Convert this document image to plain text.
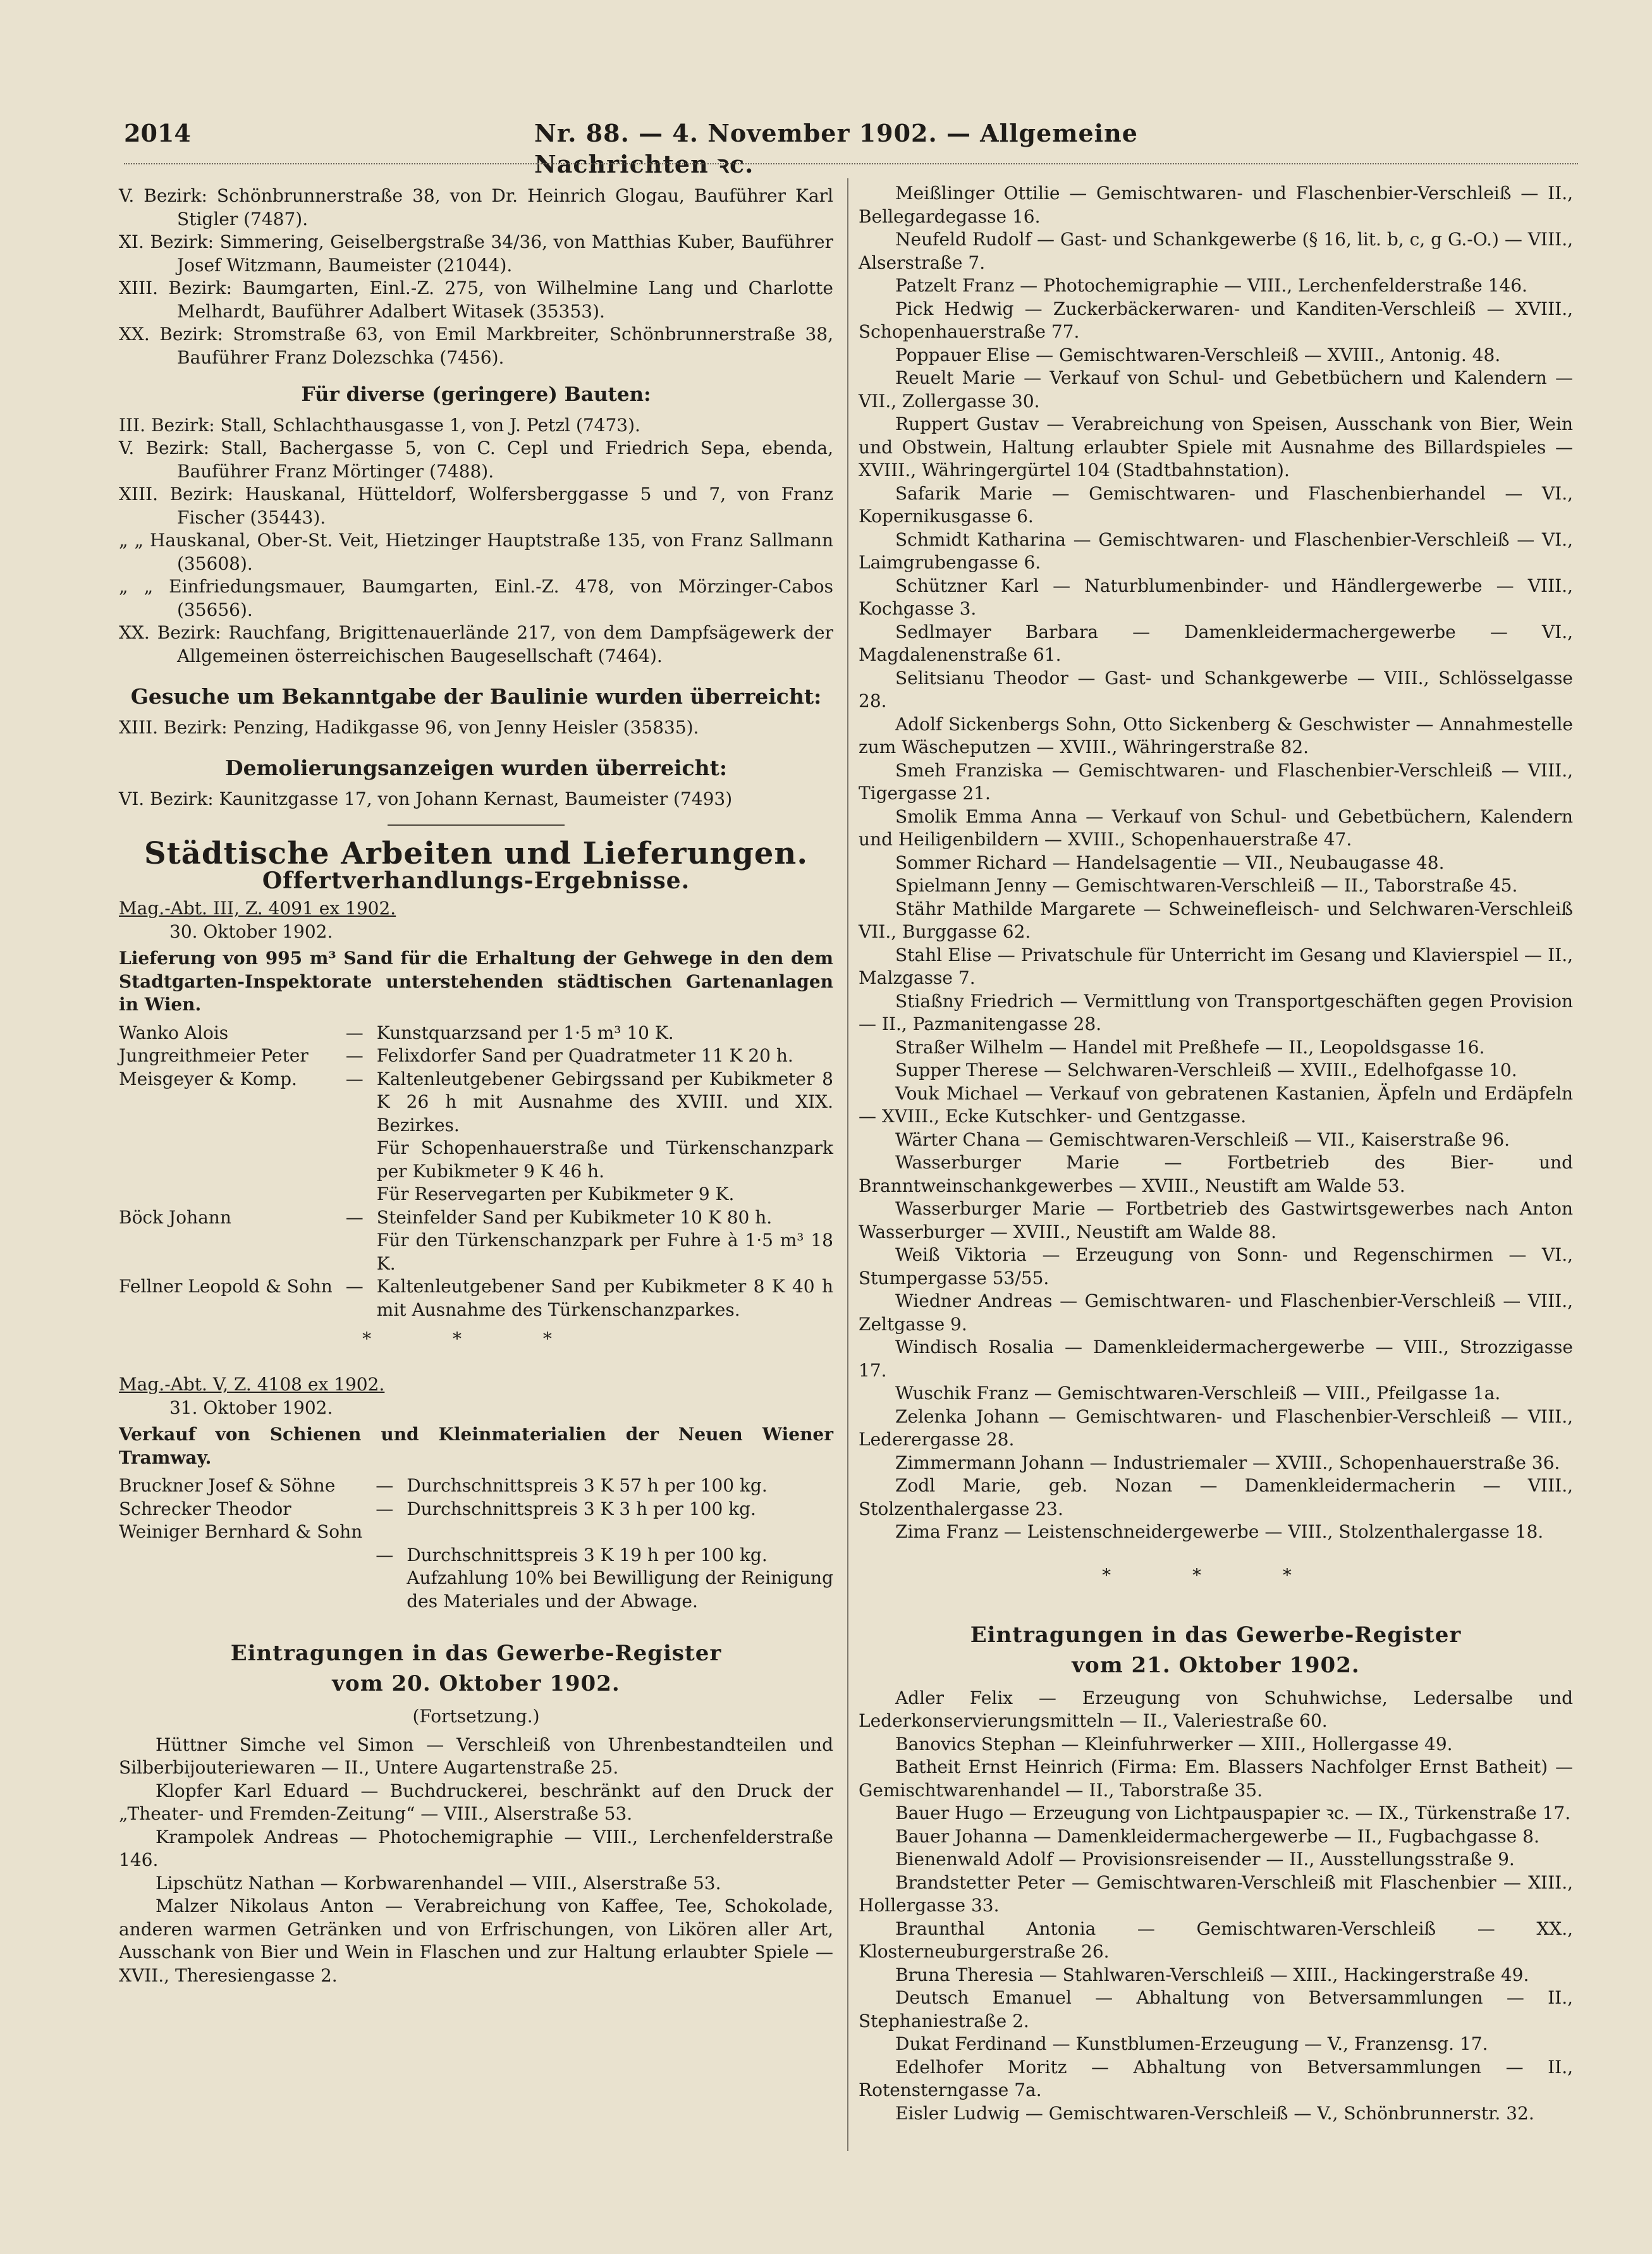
2014	Nr. 88. — 4. November 1902. — Allgemeine Nachrichten ꝛc.

V. Bezirk: Schönbrunnerstraße 38, von Dr. Heinrich Glogau, Bauführer Karl Stigler (7487).

XI. Bezirk: Simmering, Geiselbergstraße 34/36, von Matthias Kuber, Bauführer Josef Witzmann, Baumeister (21044).

XIII. Bezirk: Baumgarten, Einl.-Z. 275, von Wilhelmine Lang und Charlotte Melhardt, Bauführer Adalbert Witasek (35353).

XX. Bezirk: Stromstraße 63, von Emil Markbreiter, Schönbrunnerstraße 38, Bauführer Franz Dolezschka (7456).

Für diverse (geringere) Bauten:

III. Bezirk: Stall, Schlachthausgasse 1, von J. Petzl (7473).

V. Bezirk: Stall, Bachergasse 5, von C. Cepl und Friedrich Sepa, ebenda, Bauführer Franz Mörtinger (7488).

XIII. Bezirk: Hauskanal, Hütteldorf, Wolfersberggasse 5 und 7, von Franz Fischer (35443).

„ „ Hauskanal, Ober-St. Veit, Hietzinger Hauptstraße 135, von Franz Sallmann (35608).

„ „ Einfriedungsmauer, Baumgarten, Einl.-Z. 478, von Mörzinger-Cabos (35656).

XX. Bezirk: Rauchfang, Brigittenauerlände 217, von dem Dampfsägewerk der Allgemeinen österreichischen Baugesellschaft (7464).

Gesuche um Bekanntgabe der Baulinie wurden überreicht:

XIII. Bezirk: Penzing, Hadikgasse 96, von Jenny Heisler (35835).

Demolierungsanzeigen wurden überreicht:

VI. Bezirk: Kaunitzgasse 17, von Johann Kernast, Baumeister (7493)

Städtische Arbeiten und Lieferungen.
Offertverhandlungs-Ergebnisse.

Mag.-Abt. III, Z. 4091 ex 1902.

30. Oktober 1902.

Lieferung von 995 m³ Sand für die Erhaltung der Gehwege in den dem Stadtgarten-Inspektorate unterstehenden städtischen Gartenanlagen in Wien.

Wanko Alois	—	Kunstquarzsand per 1·5 m³ 10 K.
Jungreithmeier Peter	—	Felixdorfer Sand per Quadratmeter 11 K 20 h.
Meisgeyer & Komp.	—	Kaltenleutgebener Gebirgssand per Kubikmeter 8 K 26 h mit Ausnahme des XVIII. und XIX. Bezirkes.
		Für Schopenhauerstraße und Türkenschanzpark per Kubikmeter 9 K 46 h.
		Für Reservegarten per Kubikmeter 9 K.
Böck Johann	—	Steinfelder Sand per Kubikmeter 10 K 80 h.
		Für den Türkenschanzpark per Fuhre à 1·5 m³ 18 K.
Fellner Leopold & Sohn	—	Kaltenleutgebener Sand per Kubikmeter 8 K 40 h mit Ausnahme des Türkenschanzparkes.
* * *

Mag.-Abt. V, Z. 4108 ex 1902.

31. Oktober 1902.

Verkauf von Schienen und Kleinmaterialien der Neuen Wiener Tramway.

Bruckner Josef & Söhne	—	Durchschnittspreis 3 K 57 h per 100 kg.
Schrecker Theodor	—	Durchschnittspreis 3 K 3 h per 100 kg.
Weiniger Bernhard & Sohn		
	—	Durchschnittspreis 3 K 19 h per 100 kg.
		Aufzahlung 10% bei Bewilligung der Reinigung des Materiales und der Abwage.
Eintragungen in das Gewerbe-Register
vom 20. Oktober 1902.

(Fortsetzung.)

Hüttner Simche vel Simon — Verschleiß von Uhrenbestandteilen und Silberbijouteriewaren — II., Untere Augartenstraße 25.

Klopfer Karl Eduard — Buchdruckerei, beschränkt auf den Druck der „Theater- und Fremden-Zeitung“ — VIII., Alserstraße 53.

Krampolek Andreas — Photochemigraphie — VIII., Lerchenfelderstraße 146.

Lipschütz Nathan — Korbwarenhandel — VIII., Alserstraße 53.

Malzer Nikolaus Anton — Verabreichung von Kaffee, Tee, Schokolade, anderen warmen Getränken und von Erfrischungen, von Likören aller Art, Ausschank von Bier und Wein in Flaschen und zur Haltung erlaubter Spiele — XVII., Theresiengasse 2.

Meißlinger Ottilie — Gemischtwaren- und Flaschenbier-Verschleiß — II., Bellegardegasse 16.

Neufeld Rudolf — Gast- und Schankgewerbe (§ 16, lit. b, c, g G.-O.) — VIII., Alserstraße 7.

Patzelt Franz — Photochemigraphie — VIII., Lerchenfelderstraße 146.

Pick Hedwig — Zuckerbäckerwaren- und Kanditen-Verschleiß — XVIII., Schopenhauerstraße 77.

Poppauer Elise — Gemischtwaren-Verschleiß — XVIII., Antonig. 48.

Reuelt Marie — Verkauf von Schul- und Gebetbüchern und Kalendern — VII., Zollergasse 30.

Ruppert Gustav — Verabreichung von Speisen, Ausschank von Bier, Wein und Obstwein, Haltung erlaubter Spiele mit Ausnahme des Billardspieles — XVIII., Währingergürtel 104 (Stadtbahnstation).

Safarik Marie — Gemischtwaren- und Flaschenbierhandel — VI., Kopernikusgasse 6.

Schmidt Katharina — Gemischtwaren- und Flaschenbier-Verschleiß — VI., Laimgrubengasse 6.

Schützner Karl — Naturblumenbinder- und Händlergewerbe — VIII., Kochgasse 3.

Sedlmayer Barbara — Damenkleidermachergewerbe — VI., Magdalenenstraße 61.

Selitsianu Theodor — Gast- und Schankgewerbe — VIII., Schlösselgasse 28.

Adolf Sickenbergs Sohn, Otto Sickenberg & Geschwister — Annahmestelle zum Wäscheputzen — XVIII., Währingerstraße 82.

Smeh Franziska — Gemischtwaren- und Flaschenbier-Verschleiß — VIII., Tigergasse 21.

Smolik Emma Anna — Verkauf von Schul- und Gebetbüchern, Kalendern und Heiligenbildern — XVIII., Schopenhauerstraße 47.

Sommer Richard — Handelsagentie — VII., Neubaugasse 48.

Spielmann Jenny — Gemischtwaren-Verschleiß — II., Taborstraße 45.

Stähr Mathilde Margarete — Schweinefleisch- und Selchwaren-Verschleiß VII., Burggasse 62.

Stahl Elise — Privatschule für Unterricht im Gesang und Klavierspiel — II., Malzgasse 7.

Stiaßny Friedrich — Vermittlung von Transportgeschäften gegen Provision — II., Pazmanitengasse 28.

Straßer Wilhelm — Handel mit Preßhefe — II., Leopoldsgasse 16.

Supper Therese — Selchwaren-Verschleiß — XVIII., Edelhofgasse 10.

Vouk Michael — Verkauf von gebratenen Kastanien, Äpfeln und Erdäpfeln — XVIII., Ecke Kutschker- und Gentzgasse.

Wärter Chana — Gemischtwaren-Verschleiß — VII., Kaiserstraße 96.

Wasserburger Marie — Fortbetrieb des Bier- und Branntweinschankgewerbes — XVIII., Neustift am Walde 53.

Wasserburger Marie — Fortbetrieb des Gastwirtsgewerbes nach Anton Wasserburger — XVIII., Neustift am Walde 88.

Weiß Viktoria — Erzeugung von Sonn- und Regenschirmen — VI., Stumpergasse 53/55.

Wiedner Andreas — Gemischtwaren- und Flaschenbier-Verschleiß — VIII., Zeltgasse 9.

Windisch Rosalia — Damenkleidermachergewerbe — VIII., Strozzigasse 17.

Wuschik Franz — Gemischtwaren-Verschleiß — VIII., Pfeilgasse 1a.

Zelenka Johann — Gemischtwaren- und Flaschenbier-Verschleiß — VIII., Lederergasse 28.

Zimmermann Johann — Industriemaler — XVIII., Schopenhauerstraße 36.

Zodl Marie, geb. Nozan — Damenkleidermacherin — VIII., Stolzenthalergasse 23.

Zima Franz — Leistenschneidergewerbe — VIII., Stolzenthalergasse 18.

* * *
Eintragungen in das Gewerbe-Register
vom 21. Oktober 1902.

Adler Felix — Erzeugung von Schuhwichse, Ledersalbe und Lederkonservierungsmitteln — II., Valeriestraße 60.

Banovics Stephan — Kleinfuhrwerker — XIII., Hollergasse 49.

Batheit Ernst Heinrich (Firma: Em. Blassers Nachfolger Ernst Batheit) — Gemischtwarenhandel — II., Taborstraße 35.

Bauer Hugo — Erzeugung von Lichtpauspapier ꝛc. — IX., Türkenstraße 17.

Bauer Johanna — Damenkleidermachergewerbe — II., Fugbachgasse 8.

Bienenwald Adolf — Provisionsreisender — II., Ausstellungsstraße 9.

Brandstetter Peter — Gemischtwaren-Verschleiß mit Flaschenbier — XIII., Hollergasse 33.

Braunthal Antonia — Gemischtwaren-Verschleiß — XX., Klosterneuburgerstraße 26.

Bruna Theresia — Stahlwaren-Verschleiß — XIII., Hackingerstraße 49.

Deutsch Emanuel — Abhaltung von Betversammlungen — II., Stephaniestraße 2.

Dukat Ferdinand — Kunstblumen-Erzeugung — V., Franzensg. 17.

Edelhofer Moritz — Abhaltung von Betversammlungen — II., Rotensterngasse 7a.

Eisler Ludwig — Gemischtwaren-Verschleiß — V., Schönbrunnerstr. 32.
